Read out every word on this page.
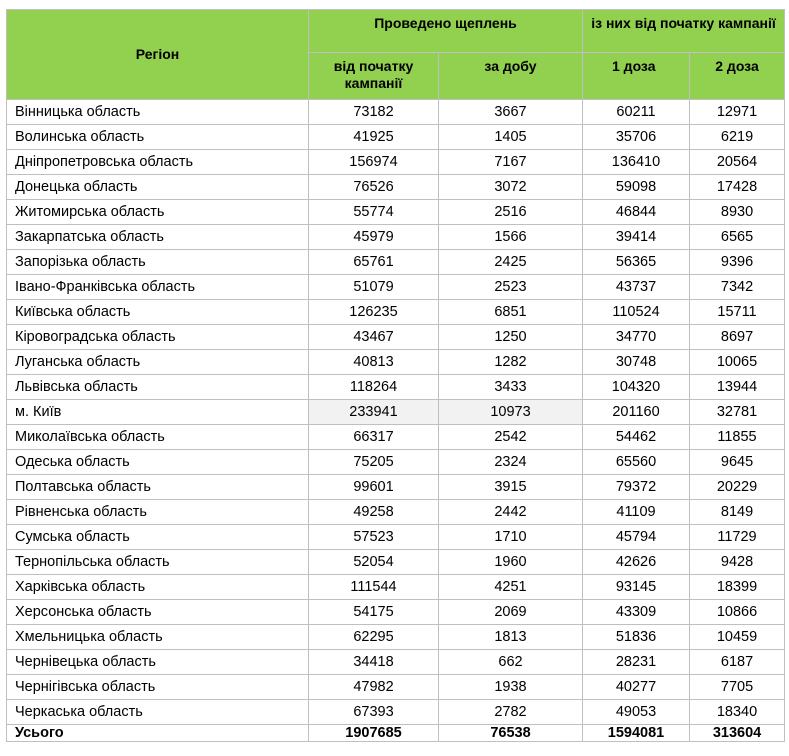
Регіон	Проведено щеплень		із них від початку кампанії	
	від початку кампанії	за добу	1 доза	2 доза
Вінницька область	73182	3667	60211	12971
Волинська область	41925	1405	35706	6219
Дніпропетровська область	156974	7167	136410	20564
Донецька область	76526	3072	59098	17428
Житомирська область	55774	2516	46844	8930
Закарпатська область	45979	1566	39414	6565
Запорізька область	65761	2425	56365	9396
Івано-Франківська область	51079	2523	43737	7342
Київська область	126235	6851	110524	15711
Кіровоградська область	43467	1250	34770	8697
Луганська область	40813	1282	30748	10065
Львівська область	118264	3433	104320	13944
м. Київ	233941	10973	201160	32781
Миколаївська область	66317	2542	54462	11855
Одеська область	75205	2324	65560	9645
Полтавська область	99601	3915	79372	20229
Рівненська область	49258	2442	41109	8149
Сумська область	57523	1710	45794	11729
Тернопільська область	52054	1960	42626	9428
Харківська область	111544	4251	93145	18399
Херсонська область	54175	2069	43309	10866
Хмельницька область	62295	1813	51836	10459
Чернівецька область	34418	662	28231	6187
Чернігівська область	47982	1938	40277	7705
Черкаська область	67393	2782	49053	18340
Усього	1907685	76538	1594081	313604
